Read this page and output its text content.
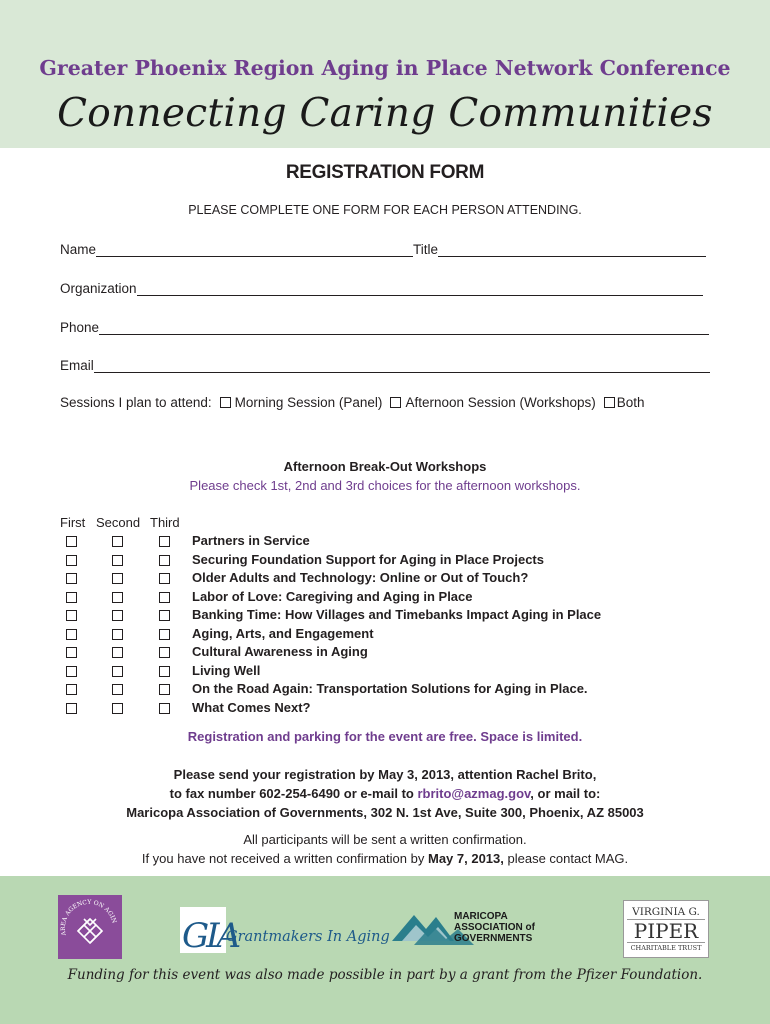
Greater Phoenix Region Aging in Place Network Conference
Connecting Caring Communities
REGISTRATION FORM
PLEASE COMPLETE ONE FORM FOR EACH PERSON ATTENDING.
Name	Title
Organization
Phone
Email
Sessions I plan to attend: Morning Session (Panel) Afternoon Session (Workshops) Both
Afternoon Break-Out Workshops
Please check 1st, 2nd and 3rd choices for the afternoon workshops.
First Second Third
Partners in Service
Securing Foundation Support for Aging in Place Projects
Older Adults and Technology: Online or Out of Touch?
Labor of Love: Caregiving and Aging in Place
Banking Time: How Villages and Timebanks Impact Aging in Place
Aging, Arts, and Engagement
Cultural Awareness in Aging
Living Well
On the Road Again: Transportation Solutions for Aging in Place.
What Comes Next?
Registration and parking for the event are free. Space is limited.
Please send your registration by May 3, 2013, attention Rachel Brito,
to fax number 602-254-6490 or e-mail to rbrito@azmag.gov, or mail to:
Maricopa Association of Governments, 302 N. 1st Ave, Suite 300, Phoenix, AZ 85003
All participants will be sent a written confirmation.
If you have not received a written confirmation by May 7, 2013, please contact MAG.
AREA AGENCY ON AGIN GIA
Grantmakers In Aging
MARICOPA
ASSOCIATION of
GOVERNMENTS
VIRGINIA G.
PIPER
CHARITABLE TRUST
Funding for this event was also made possible in part by a grant from the Pfizer Foundation.
